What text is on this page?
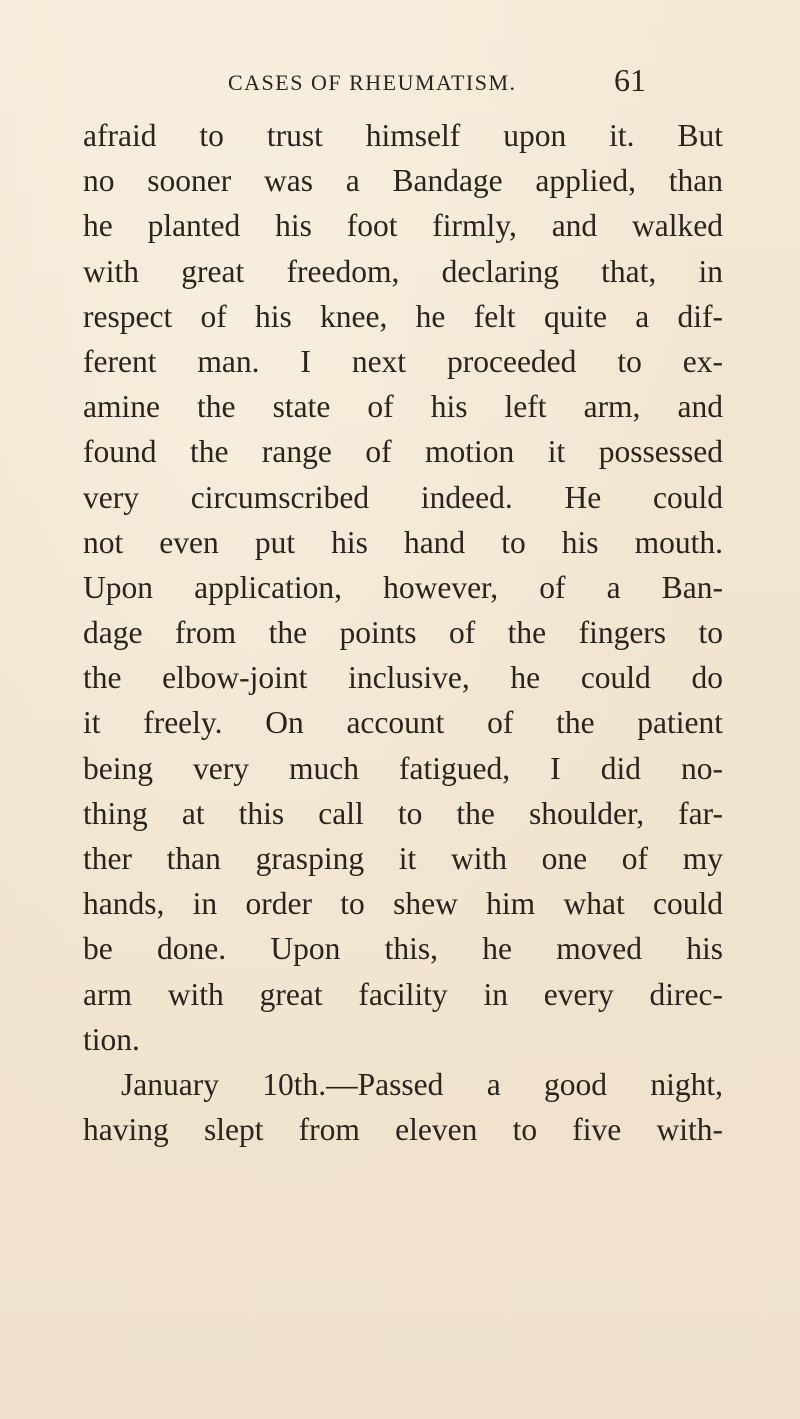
CASES OF RHEUMATISM.	61
afraid to trust himself upon it. But
no sooner was a Bandage applied, than
he planted his foot firmly, and walked
with great freedom, declaring that, in
respect of his knee, he felt quite a dif-
ferent man. I next proceeded to ex-
amine the state of his left arm, and
found the range of motion it possessed
very circumscribed indeed. He could
not even put his hand to his mouth.
Upon application, however, of a Ban-
dage from the points of the fingers to
the elbow-joint inclusive, he could do
it freely. On account of the patient
being very much fatigued, I did no-
thing at this call to the shoulder, far-
ther than grasping it with one of my
hands, in order to shew him what could
be done. Upon this, he moved his
arm with great facility in every direc-
tion.
January 10th.—Passed a good night,
having slept from eleven to five with-
